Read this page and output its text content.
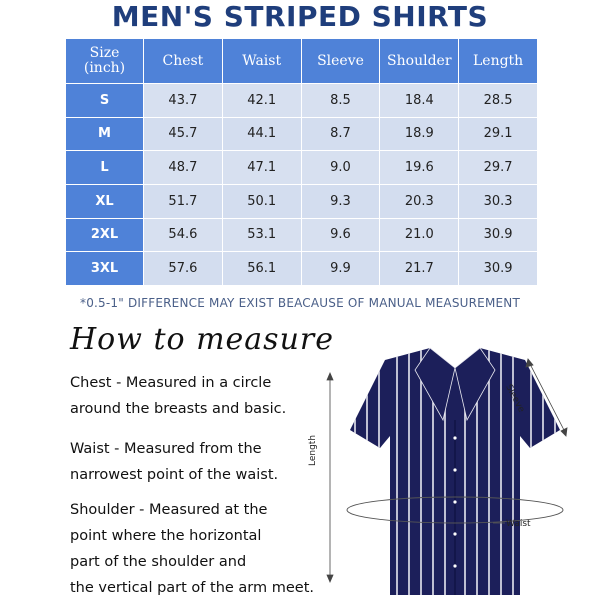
MEN'S STRIPED SHIRTS
Size
(inch)	Chest	Waist	Sleeve	Shoulder	Length
S	43.7	42.1	8.5	18.4	28.5
M	45.7	44.1	8.7	18.9	29.1
L	48.7	47.1	9.0	19.6	29.7
XL	51.7	50.1	9.3	20.3	30.3
2XL	54.6	53.1	9.6	21.0	30.9
3XL	57.6	56.1	9.9	21.7	30.9
*0.5-1" DIFFERENCE MAY EXIST BEACAUSE OF MANUAL MEASUREMENT
How to measure
Chest - Measured in a circle
around the breasts and basic.
Waist - Measured from the
narrowest point of the waist.
Shoulder - Measured at the
point where the horizontal
part of the shoulder and
the vertical part of the arm meet.
Length
Sleeve
Waist
